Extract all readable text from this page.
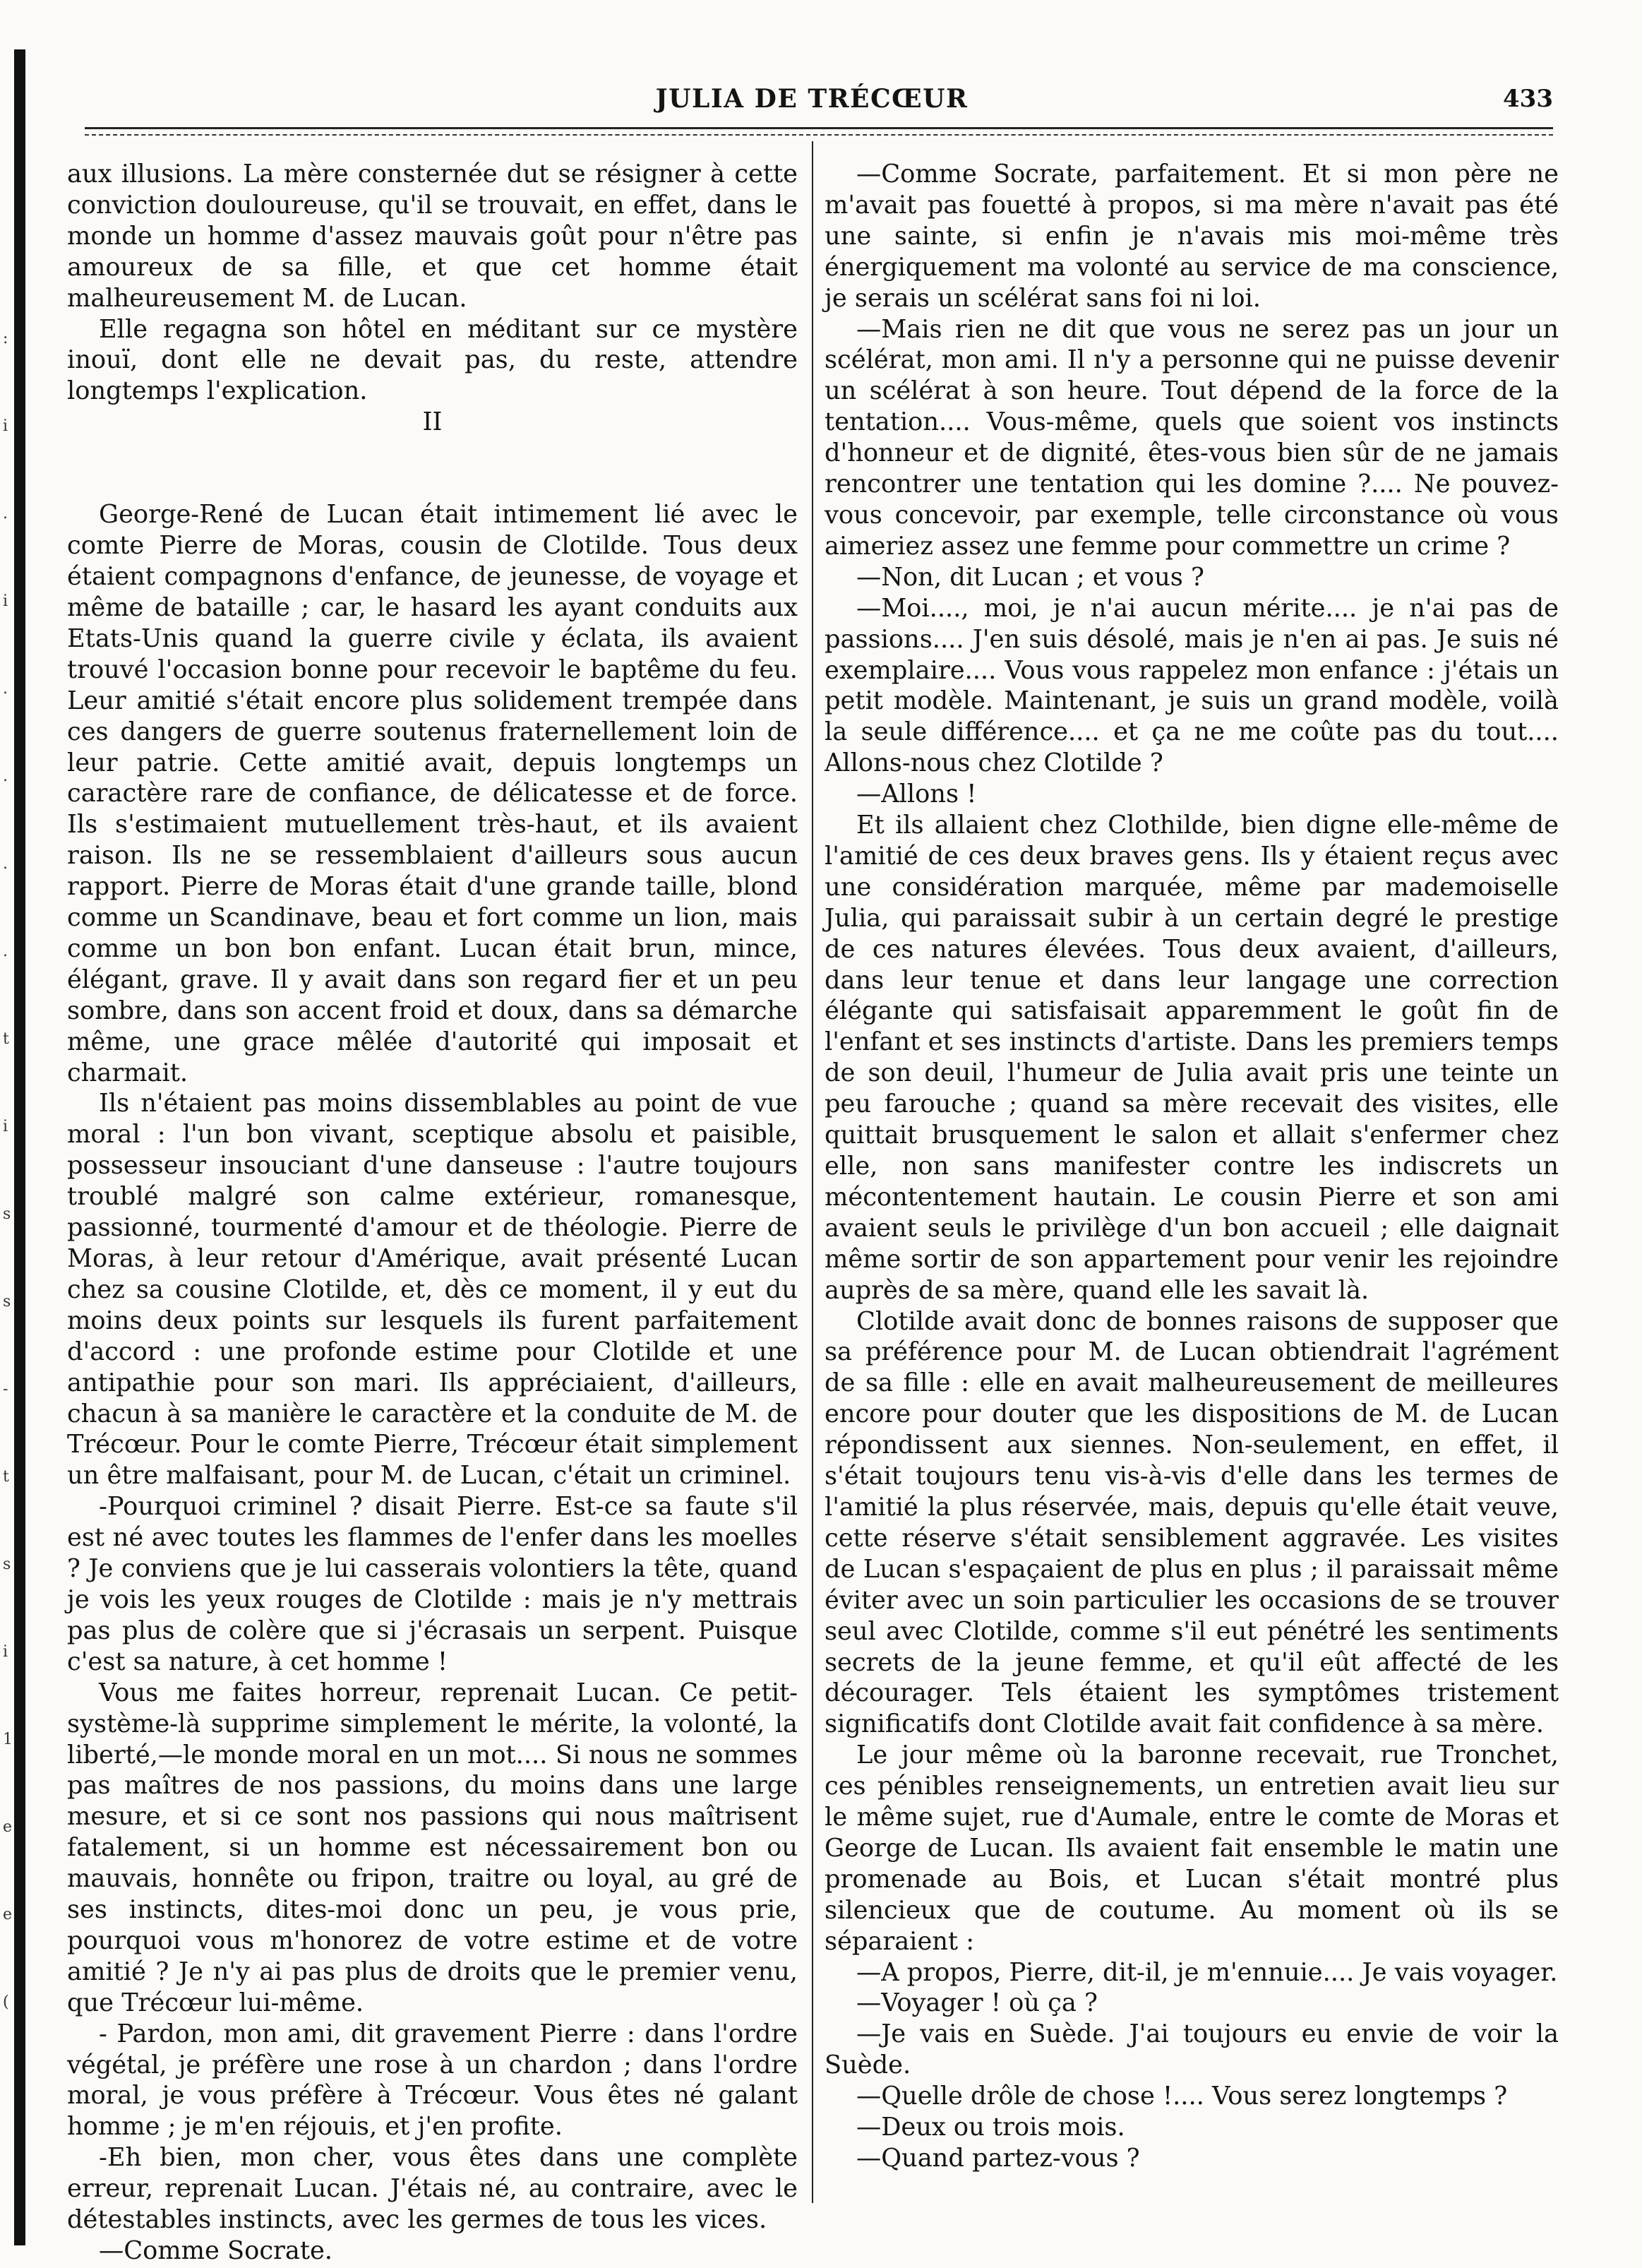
:
i
.
i
.
.
.
.
t
i
s
s
-
t
s
i
1
e
e
(
JULIA DE TRÉCŒUR	433

aux illusions. La mère consternée dut se résigner à cette conviction douloureuse, qu'il se trouvait, en effet, dans le monde un homme d'assez mauvais goût pour n'être pas amoureux de sa fille, et que cet homme était malheureusement M. de Lucan.

Elle regagna son hôtel en méditant sur ce mystère inouï, dont elle ne devait pas, du reste, attendre longtemps l'explication.

II

George-René de Lucan était intimement lié avec le comte Pierre de Moras, cousin de Clotilde. Tous deux étaient compagnons d'enfance, de jeunesse, de voyage et même de bataille ; car, le hasard les ayant conduits aux Etats-Unis quand la guerre civile y éclata, ils avaient trouvé l'occasion bonne pour recevoir le baptême du feu. Leur amitié s'était encore plus solidement trempée dans ces dangers de guerre soutenus fraternellement loin de leur patrie. Cette amitié avait, depuis longtemps un caractère rare de confiance, de délicatesse et de force. Ils s'estimaient mutuellement très-haut, et ils avaient raison. Ils ne se ressemblaient d'ailleurs sous aucun rapport. Pierre de Moras était d'une grande taille, blond comme un Scandinave, beau et fort comme un lion, mais comme un bon bon enfant. Lucan était brun, mince, élégant, grave. Il y avait dans son regard fier et un peu sombre, dans son accent froid et doux, dans sa démarche même, une grace mêlée d'autorité qui imposait et charmait.

Ils n'étaient pas moins dissemblables au point de vue moral : l'un bon vivant, sceptique absolu et paisible, possesseur insouciant d'une danseuse : l'autre toujours troublé malgré son calme extérieur, romanesque, passionné, tourmenté d'amour et de théologie. Pierre de Moras, à leur retour d'Amérique, avait présenté Lucan chez sa cousine Clotilde, et, dès ce moment, il y eut du moins deux points sur lesquels ils furent parfaitement d'accord : une profonde estime pour Clotilde et une antipathie pour son mari. Ils appréciaient, d'ailleurs, chacun à sa manière le caractère et la conduite de M. de Trécœur. Pour le comte Pierre, Trécœur était simplement un être malfaisant, pour M. de Lucan, c'était un criminel.

-Pourquoi criminel ? disait Pierre. Est-ce sa faute s'il est né avec toutes les flammes de l'enfer dans les moelles ? Je conviens que je lui casserais volontiers la tête, quand je vois les yeux rouges de Clotilde : mais je n'y mettrais pas plus de colère que si j'écrasais un serpent. Puisque c'est sa nature, à cet homme !

Vous me faites horreur, reprenait Lucan. Ce petit-système-là supprime simplement le mérite, la volonté, la liberté,—le monde moral en un mot.... Si nous ne sommes pas maîtres de nos passions, du moins dans une large mesure, et si ce sont nos passions qui nous maîtrisent fatalement, si un homme est nécessairement bon ou mauvais, honnête ou fripon, traitre ou loyal, au gré de ses instincts, dites-moi donc un peu, je vous prie, pourquoi vous m'honorez de votre estime et de votre amitié ? Je n'y ai pas plus de droits que le premier venu, que Trécœur lui-même.

- Pardon, mon ami, dit gravement Pierre : dans l'ordre végétal, je préfère une rose à un chardon ; dans l'ordre moral, je vous préfère à Trécœur. Vous êtes né galant homme ; je m'en réjouis, et j'en profite.

-Eh bien, mon cher, vous êtes dans une complète erreur, reprenait Lucan. J'étais né, au contraire, avec le détestables instincts, avec les germes de tous les vices.

—Comme Socrate.

—Comme Socrate, parfaitement. Et si mon père ne m'avait pas fouetté à propos, si ma mère n'avait pas été une sainte, si enfin je n'avais mis moi-même très énergiquement ma volonté au service de ma conscience, je serais un scélérat sans foi ni loi.

—Mais rien ne dit que vous ne serez pas un jour un scélérat, mon ami. Il n'y a personne qui ne puisse devenir un scélérat à son heure. Tout dépend de la force de la tentation.... Vous-même, quels que soient vos instincts d'honneur et de dignité, êtes-vous bien sûr de ne jamais rencontrer une tentation qui les domine ?.... Ne pouvez-vous concevoir, par exemple, telle circonstance où vous aimeriez assez une femme pour commettre un crime ?

—Non, dit Lucan ; et vous ?

—Moi...., moi, je n'ai aucun mérite.... je n'ai pas de passions.... J'en suis désolé, mais je n'en ai pas. Je suis né exemplaire.... Vous vous rappelez mon enfance : j'étais un petit modèle. Maintenant, je suis un grand modèle, voilà la seule différence.... et ça ne me coûte pas du tout.... Allons-nous chez Clotilde ?

—Allons !

Et ils allaient chez Clothilde, bien digne elle-même de l'amitié de ces deux braves gens. Ils y étaient reçus avec une considération marquée, même par mademoiselle Julia, qui paraissait subir à un certain degré le prestige de ces natures élevées. Tous deux avaient, d'ailleurs, dans leur tenue et dans leur langage une correction élégante qui satisfaisait apparemment le goût fin de l'enfant et ses instincts d'artiste. Dans les premiers temps de son deuil, l'humeur de Julia avait pris une teinte un peu farouche ; quand sa mère recevait des visites, elle quittait brusquement le salon et allait s'enfermer chez elle, non sans manifester contre les indiscrets un mécontentement hautain. Le cousin Pierre et son ami avaient seuls le privilège d'un bon accueil ; elle daignait même sortir de son appartement pour venir les rejoindre auprès de sa mère, quand elle les savait là.

Clotilde avait donc de bonnes raisons de supposer que sa préférence pour M. de Lucan obtiendrait l'agrément de sa fille : elle en avait malheureusement de meilleures encore pour douter que les dispositions de M. de Lucan répondissent aux siennes. Non-seulement, en effet, il s'était toujours tenu vis-à-vis d'elle dans les termes de l'amitié la plus réservée, mais, depuis qu'elle était veuve, cette réserve s'était sensiblement aggravée. Les visites de Lucan s'espaçaient de plus en plus ; il paraissait même éviter avec un soin particulier les occasions de se trouver seul avec Clotilde, comme s'il eut pénétré les sentiments secrets de la jeune femme, et qu'il eût affecté de les décourager. Tels étaient les symptômes tristement significatifs dont Clotilde avait fait confidence à sa mère.

Le jour même où la baronne recevait, rue Tronchet, ces pénibles renseignements, un entretien avait lieu sur le même sujet, rue d'Aumale, entre le comte de Moras et George de Lucan. Ils avaient fait ensemble le matin une promenade au Bois, et Lucan s'était montré plus silencieux que de coutume. Au moment où ils se séparaient :

—A propos, Pierre, dit-il, je m'ennuie.... Je vais voyager.

—Voyager ! où ça ?

—Je vais en Suède. J'ai toujours eu envie de voir la Suède.

—Quelle drôle de chose !.... Vous serez longtemps ?

—Deux ou trois mois.

—Quand partez-vous ?
